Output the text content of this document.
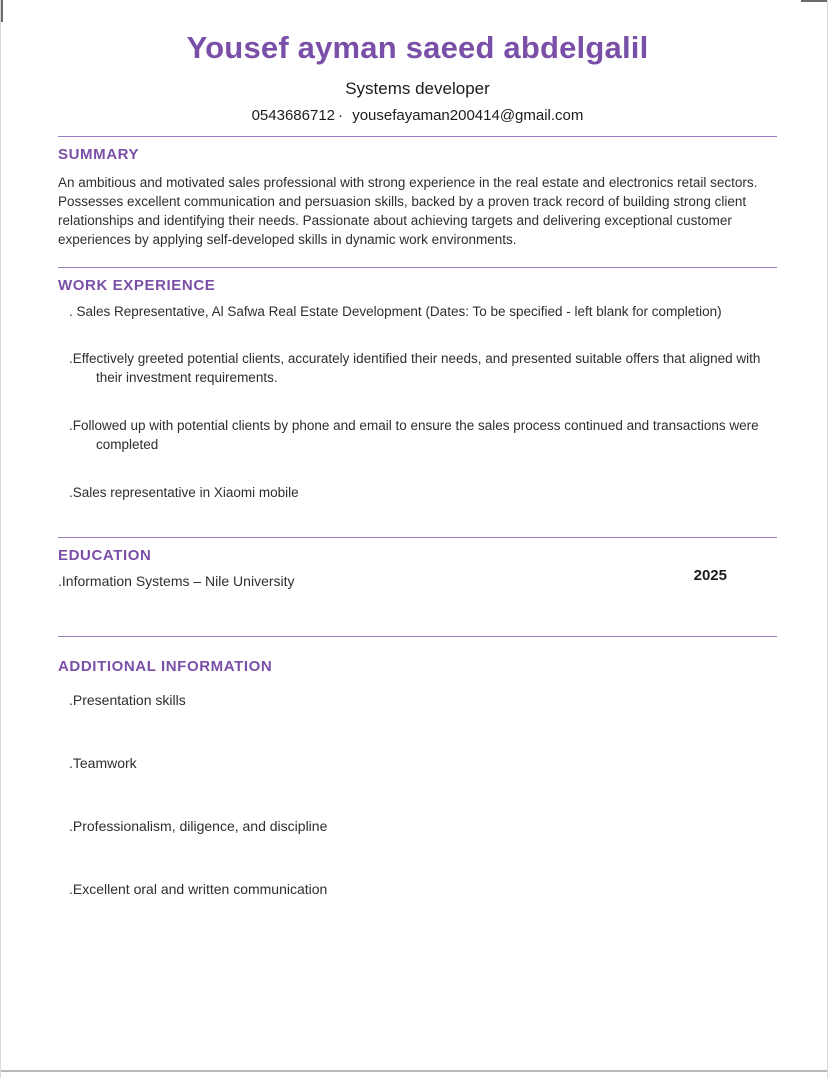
Yousef ayman saeed abdelgalil
Systems developer
0543686712 · yousefayaman200414@gmail.com
SUMMARY
An ambitious and motivated sales professional with strong experience in the real estate and electronics retail sectors. Possesses excellent communication and persuasion skills, backed by a proven track record of building strong client relationships and identifying their needs. Passionate about achieving targets and delivering exceptional customer experiences by applying self-developed skills in dynamic work environments.
WORK EXPERIENCE
. Sales Representative, Al Safwa Real Estate Development (Dates: To be specified - left blank for completion)
.Effectively greeted potential clients, accurately identified their needs, and presented suitable offers that aligned with their investment requirements.
.Followed up with potential clients by phone and email to ensure the sales process continued and transactions were completed
.Sales representative in Xiaomi mobile
EDUCATION
.Information Systems – Nile University	2025
ADDITIONAL INFORMATION
.Presentation skills
.Teamwork
.Professionalism, diligence, and discipline
.Excellent oral and written communication
